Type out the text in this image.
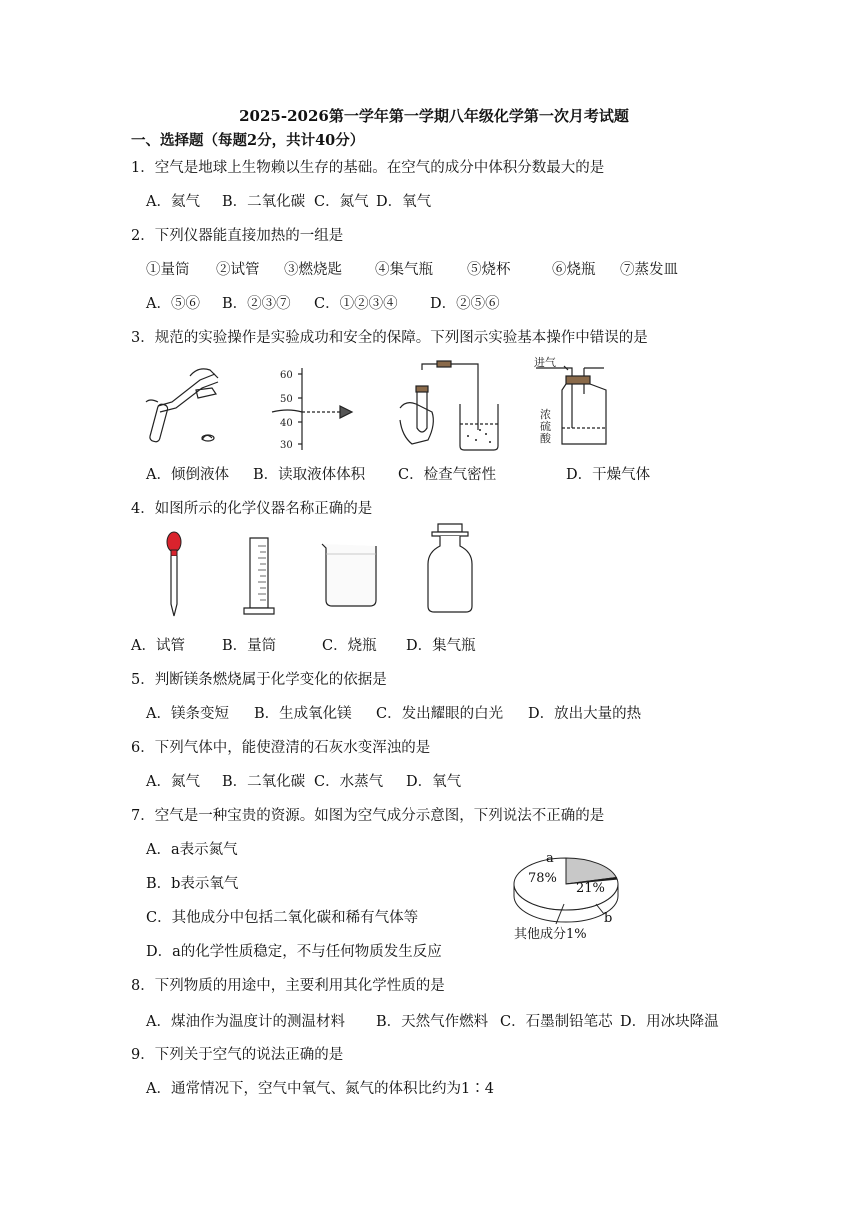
2025-2026第一学年第一学期八年级化学第一次月考试题
一、选择题（每题2分，共计40分）
1．空气是地球上生物赖以生存的基础。在空气的成分中体积分数最大的是
A．氦气 B．二氧化碳 C．氮气 D．氧气
2．下列仪器能直接加热的一组是
①量筒 ②试管 ③燃烧匙 ④集气瓶 ⑤烧杯	⑥烧瓶 ⑦蒸发皿
A．⑤⑥ B．②③⑦ C．①②③④ D．②⑤⑥
3．规范的实验操作是实验成功和安全的保障。下列图示实验基本操作中错误的是
60
50
40
30
进气
浓
硫
酸
A．倾倒液体 B．读取液体体积 C．检查气密性	D．干燥气体
4．如图所示的化学仪器名称正确的是
A．试管	B．量筒	C．烧瓶 D．集气瓶
5．判断镁条燃烧属于化学变化的依据是
A．镁条变短 B．生成氧化镁 C．发出耀眼的白光 D．放出大量的热
6．下列气体中，能使澄清的石灰水变浑浊的是
A．氮气 B．二氧化碳 C．水蒸气 D．氧气
7．空气是一种宝贵的资源。如图为空气成分示意图，下列说法不正确的是
A．a表示氮气
B．b表示氧气
C．其他成分中包括二氧化碳和稀有气体等
D．a的化学性质稳定，不与任何物质发生反应
a
78%
21%
b
其他成分1%
8．下列物质的用途中，主要利用其化学性质的是
A．煤油作为温度计的测温材料 B．天然气作燃料 C．石墨制铅笔芯 D．用冰块降温
9．下列关于空气的说法正确的是
A．通常情况下，空气中氧气、氮气的体积比约为1∶4
